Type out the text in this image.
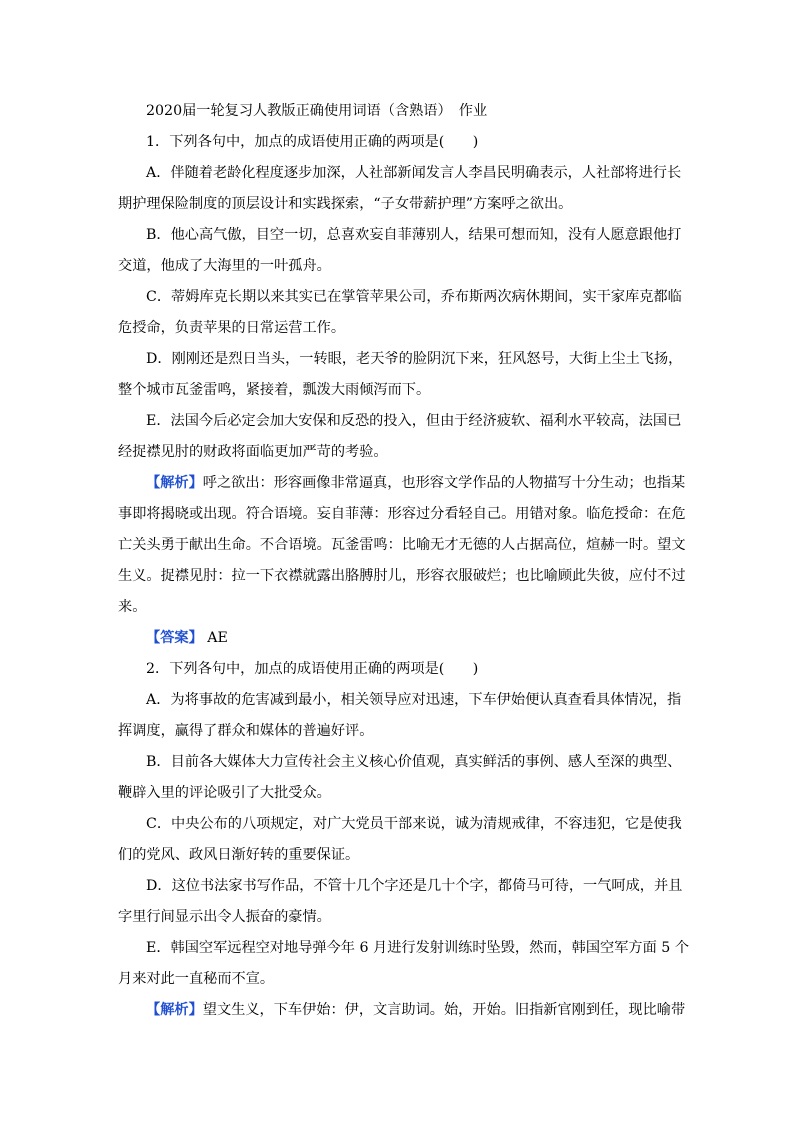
2020届一轮复习人教版正确使用词语（含熟语）　作业
1．下列各句中，加点的成语使用正确的两项是(　　)
A．伴随着老龄化程度逐步加深，人社部新闻发言人李昌民明确表示，人社部将进行长
期护理保险制度的顶层设计和实践探索，“子女带薪护理”方案呼之欲出。
B．他心高气傲，目空一切，总喜欢妄自菲薄别人，结果可想而知，没有人愿意跟他打
交道，他成了大海里的一叶孤舟。
C．蒂姆库克长期以来其实已在掌管苹果公司，乔布斯两次病休期间，实干家库克都临
危授命，负责苹果的日常运营工作。
D．刚刚还是烈日当头，一转眼，老天爷的脸阴沉下来，狂风怒号，大街上尘土飞扬，
整个城市瓦釜雷鸣，紧接着，瓢泼大雨倾泻而下。
E．法国今后必定会加大安保和反恐的投入，但由于经济疲软、福利水平较高，法国已
经捉襟见肘的财政将面临更加严苛的考验。
【解析】呼之欲出：形容画像非常逼真，也形容文学作品的人物描写十分生动；也指某
事即将揭晓或出现。符合语境。妄自菲薄：形容过分看轻自己。用错对象。临危授命：在危
亡关头勇于献出生命。不合语境。瓦釜雷鸣：比喻无才无德的人占据高位，煊赫一时。望文
生义。捉襟见肘：拉一下衣襟就露出胳膊肘儿，形容衣服破烂；也比喻顾此失彼，应付不过
来。
【答案】 AE
2．下列各句中，加点的成语使用正确的两项是(　　)
A．为将事故的危害减到最小，相关领导应对迅速，下车伊始便认真查看具体情况，指
挥调度，赢得了群众和媒体的普遍好评。
B．目前各大媒体大力宣传社会主义核心价值观，真实鲜活的事例、感人至深的典型、
鞭辟入里的评论吸引了大批受众。
C．中央公布的八项规定，对广大党员干部来说，诚为清规戒律，不容违犯，它是使我
们的党风、政风日渐好转的重要保证。
D．这位书法家书写作品，不管十几个字还是几十个字，都倚马可待，一气呵成，并且
字里行间显示出令人振奋的豪情。
E．韩国空军远程空对地导弹今年 6 月进行发射训练时坠毁，然而，韩国空军方面 5 个
月来对此一直秘而不宣。
【解析】望文生义，下车伊始：伊，文言助词。始，开始。旧指新官刚到任，现比喻带
